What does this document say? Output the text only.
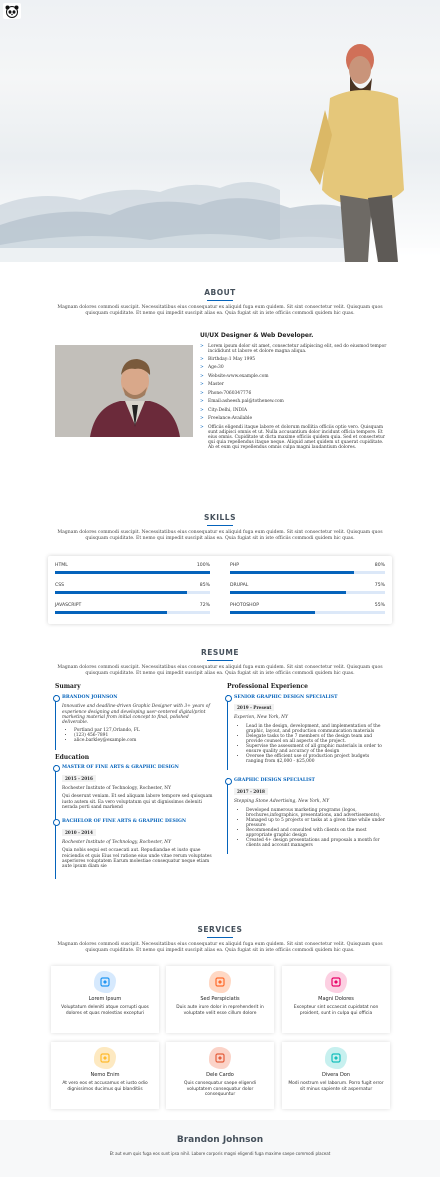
ABOUT
Magnam dolores commodi suscipit. Necessitatibus eius consequatur ex aliquid fuga eum quidem. Sit sint consectetur velit. Quisquam quos quisquam cupiditate. Et nemo qui impedit suscipit alias ea. Quia fugiat sit in iste officiis commodi quidem hic quas.
UI/UX Designer & Web Developer.
> Lorem ipsum dolor sit amet, consectetur adipiscing elit, sed do eiusmod tempor incididunt ut labore et dolore magna aliqua.
> Birthday:1 May 1995
> Age:30
> Website:www.example.com
> Master
> Phone:7060347776
> Email:asheesh.pal@tothenew.com
> City:Delhi, INDIA
> Freelance:Available
> Officiis eligendi itaque labore et dolorum mollitia officiis optio vero. Quisquam sunt adipisci omnis et ut. Nulla accusantium dolor incidunt officia tempore. Et eius omnis. Cupiditate ut dicta maxime officiis quidem quia. Sed et consectetur qui quia repellendus itaque neque. Aliquid amet quidem ut quaerat cupiditate. Ab et eum qui repellendus omnis culpa magni laudantium dolores.
SKILLS
Magnam dolores commodi suscipit. Necessitatibus eius consequatur ex aliquid fuga eum quidem. Sit sint consectetur velit. Quisquam quos quisquam cupiditate. Et nemo qui impedit suscipit alias ea. Quia fugiat sit in iste officiis commodi quidem hic quas.
HTML	100%	PHP	80%
CSS	85%	DRUPAL	75%
JAVASCRIPT	72%	PHOTOSHOP	55%
RESUME
Magnam dolores commodi suscipit. Necessitatibus eius consequatur ex aliquid fuga eum quidem. Sit sint consectetur velit. Quisquam quos quisquam cupiditate. Et nemo qui impedit suscipit alias ea. Quia fugiat sit in iste officiis commodi quidem hic quas.
Sumary
BRANDON JOHNSON

Innovative and deadline-driven Graphic Designer with 3+ years of experience designing and developing user-centered digital/print marketing material from initial concept to final, polished deliverable.

• Portland par 127,Orlando, FL
• (123) 456-7891
• alice.barkley@example.com
Education
MASTER OF FINE ARTS & GRAPHIC DESIGN
2015 - 2016

Rochester Institute of Technology, Rochester, NY

Qui deserunt veniam. Et sed aliquam labore tempore sed quisquam iusto autem sit. Ea vero voluptatum qui ut dignissimos deleniti nerada porti sand markend

BACHELOR OF FINE ARTS & GRAPHIC DESIGN
2010 - 2014

Rochester Institute of Technology, Rochester, NY

Quia nobis sequi est occaecati aut. Repudiandae et iusto quae reiciendis et quis Eius vel ratione eius unde vitae rerum voluptates asperiores voluptatem Earum molestiae consequatur neque etiam aute ipsum diam sie

Professional Experience
SENIOR GRAPHIC DESIGN SPECIALIST
2019 - Present

Experion, New York, NY

• Lead in the design, development, and implementation of the graphic, layout, and production communication materials
• Delegate tasks to the 7 members of the design team and provide counsel on all aspects of the project.
• Supervise the assessment of all graphic materials in order to ensure quality and accuracy of the design
• Oversee the efficient use of production project budgets ranging from $2,000 - $25,000
GRAPHIC DESIGN SPECIALIST
2017 - 2018

Stepping Stone Advertising, New York, NY

• Developed numerous marketing programs (logos, brochures,infographics, presentations, and advertisements).
• Managed up to 5 projects or tasks at a given time while under pressure
• Recommended and consulted with clients on the most appropriate graphic design
• Created 4+ design presentations and proposals a month for clients and account managers
SERVICES
Magnam dolores commodi suscipit. Necessitatibus eius consequatur ex aliquid fuga eum quidem. Sit sint consectetur velit. Quisquam quos quisquam cupiditate. Et nemo qui impedit suscipit alias ea. Quia fugiat sit in iste officiis commodi quidem hic quas.
Lorem Ipsum
Voluptatum deleniti atque corrupti quos dolores et quas molestias excepturi
Sed Perspiciatis
Duis aute irure dolor in reprehenderit in voluptate velit esse cillum dolore
Magni Dolores
Excepteur sint occaecat cupidatat non proident, sunt in culpa qui officia
Nemo Enim
At vero eos et accusamus et iusto odio dignissimos ducimus qui blanditiis
Dele Cardo
Quis consequatur saepe eligendi voluptatem consequatur dolor consequuntur
Divera Don
Modi nostrum vel laborum. Porro fugit error sit minus sapiente sit aspernatur
Brandon Johnson

Et aut eum quis fuga eos sunt ipsa nihil. Labore corporis magni eligendi fuga maxime saepe commodi placeat
